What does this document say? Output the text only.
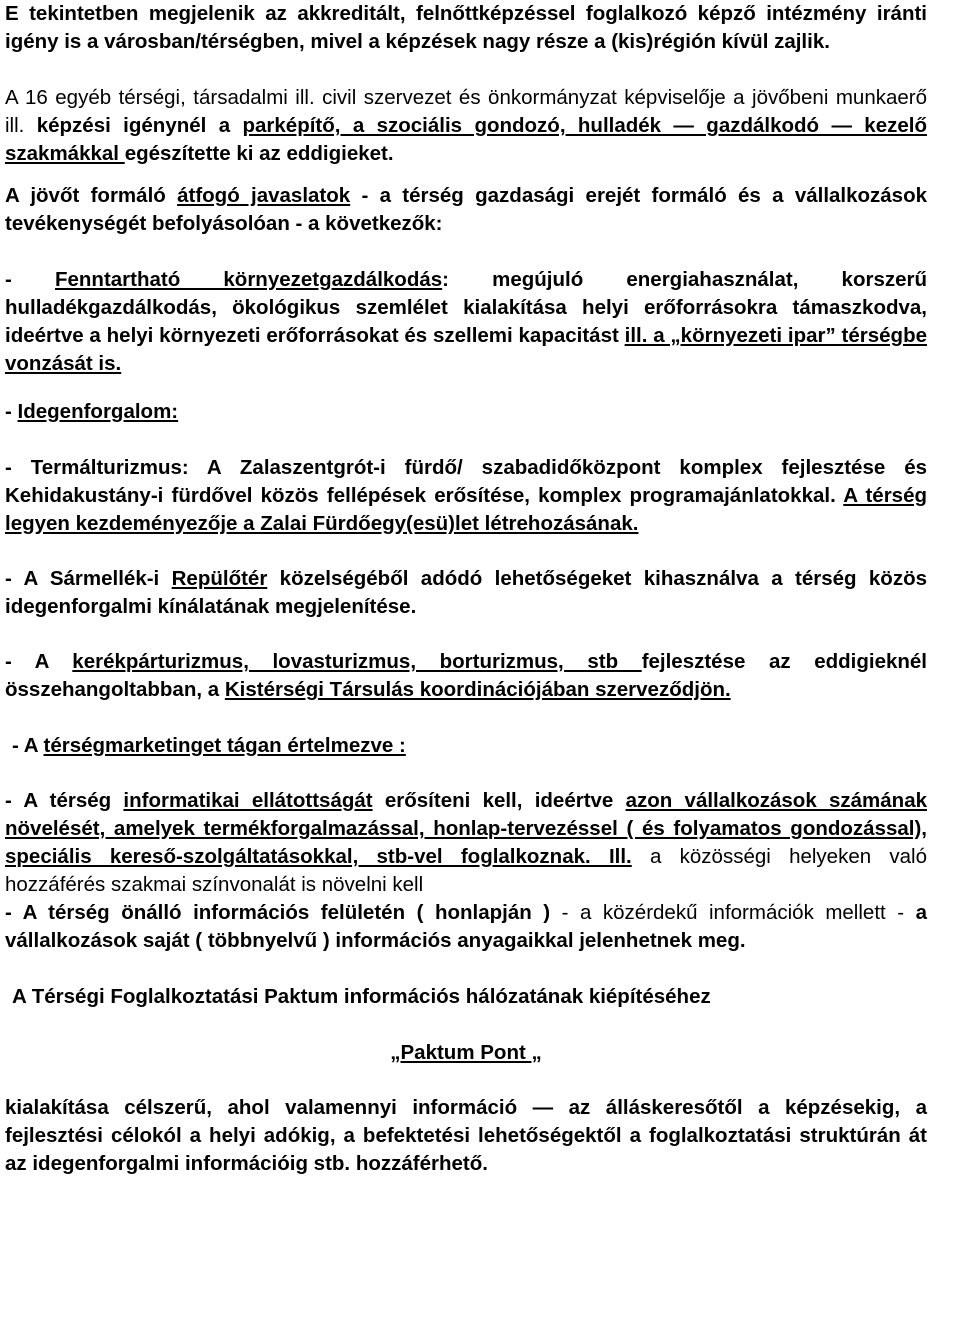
E tekintetben megjelenik az akkreditált, felnőttképzéssel foglalkozó képző intézmény iránti igény is a városban/térségben, mivel a képzések nagy része a (kis)régión kívül zajlik.

A 16 egyéb térségi, társadalmi ill. civil szervezet és önkormányzat képviselője a jövőbeni munkaerő ill. képzési igénynél a parképítő, a szociális gondozó, hulladék — gazdálkodó — kezelő szakmákkal egészítette ki az eddigieket.

A jövőt formáló átfogó javaslatok - a térség gazdasági erejét formáló és a vállalkozások tevékenységét befolyásolóan - a következők:

- Fenntartható környezetgazdálkodás: megújuló energiahasználat, korszerű hulladékgazdálkodás, ökológikus szemlélet kialakítása helyi erőforrásokra támaszkodva, ideértve a helyi környezeti erőforrásokat és szellemi kapacitást ill. a „környezeti ipar” térségbe vonzását is.

- Idegenforgalom:

- Termálturizmus: A Zalaszentgrót-i fürdő/ szabadidőközpont komplex fejlesztése és Kehidakustány-i fürdővel közös fellépések erősítése, komplex programajánlatokkal. A térség legyen kezdeményezője a Zalai Fürdőegy(esü)let létrehozásának.

- A Sármellék-i Repülőtér közelségéből adódó lehetőségeket kihasználva a térség közös idegenforgalmi kínálatának megjelenítése.

- A kerékpárturizmus, lovasturizmus, borturizmus, stb fejlesztése az eddigieknél összehangoltabban, a Kistérségi Társulás koordinációjában szerveződjön.

- A térségmarketinget tágan értelmezve :

- A térség informatikai ellátottságát erősíteni kell, ideértve azon vállalkozások számának növelését, amelyek termékforgalmazással, honlap-tervezéssel ( és folyamatos gondozással), speciális kereső-szolgáltatásokkal, stb-vel foglalkoznak. Ill. a közösségi helyeken való hozzáférés szakmai színvonalát is növelni kell

- A térség önálló információs felületén ( honlapján ) - a közérdekű információk mellett - a vállalkozások saját ( többnyelvű ) információs anyagaikkal jelenhetnek meg.

A Térségi Foglalkoztatási Paktum információs hálózatának kiépítéséhez

„Paktum Pont „

kialakítása célszerű, ahol valamennyi információ — az álláskeresőtől a képzésekig, a fejlesztési célokól a helyi adókig, a befektetési lehetőségektől a foglalkoztatási struktúrán át az idegenforgalmi információig stb. hozzáférhető.
